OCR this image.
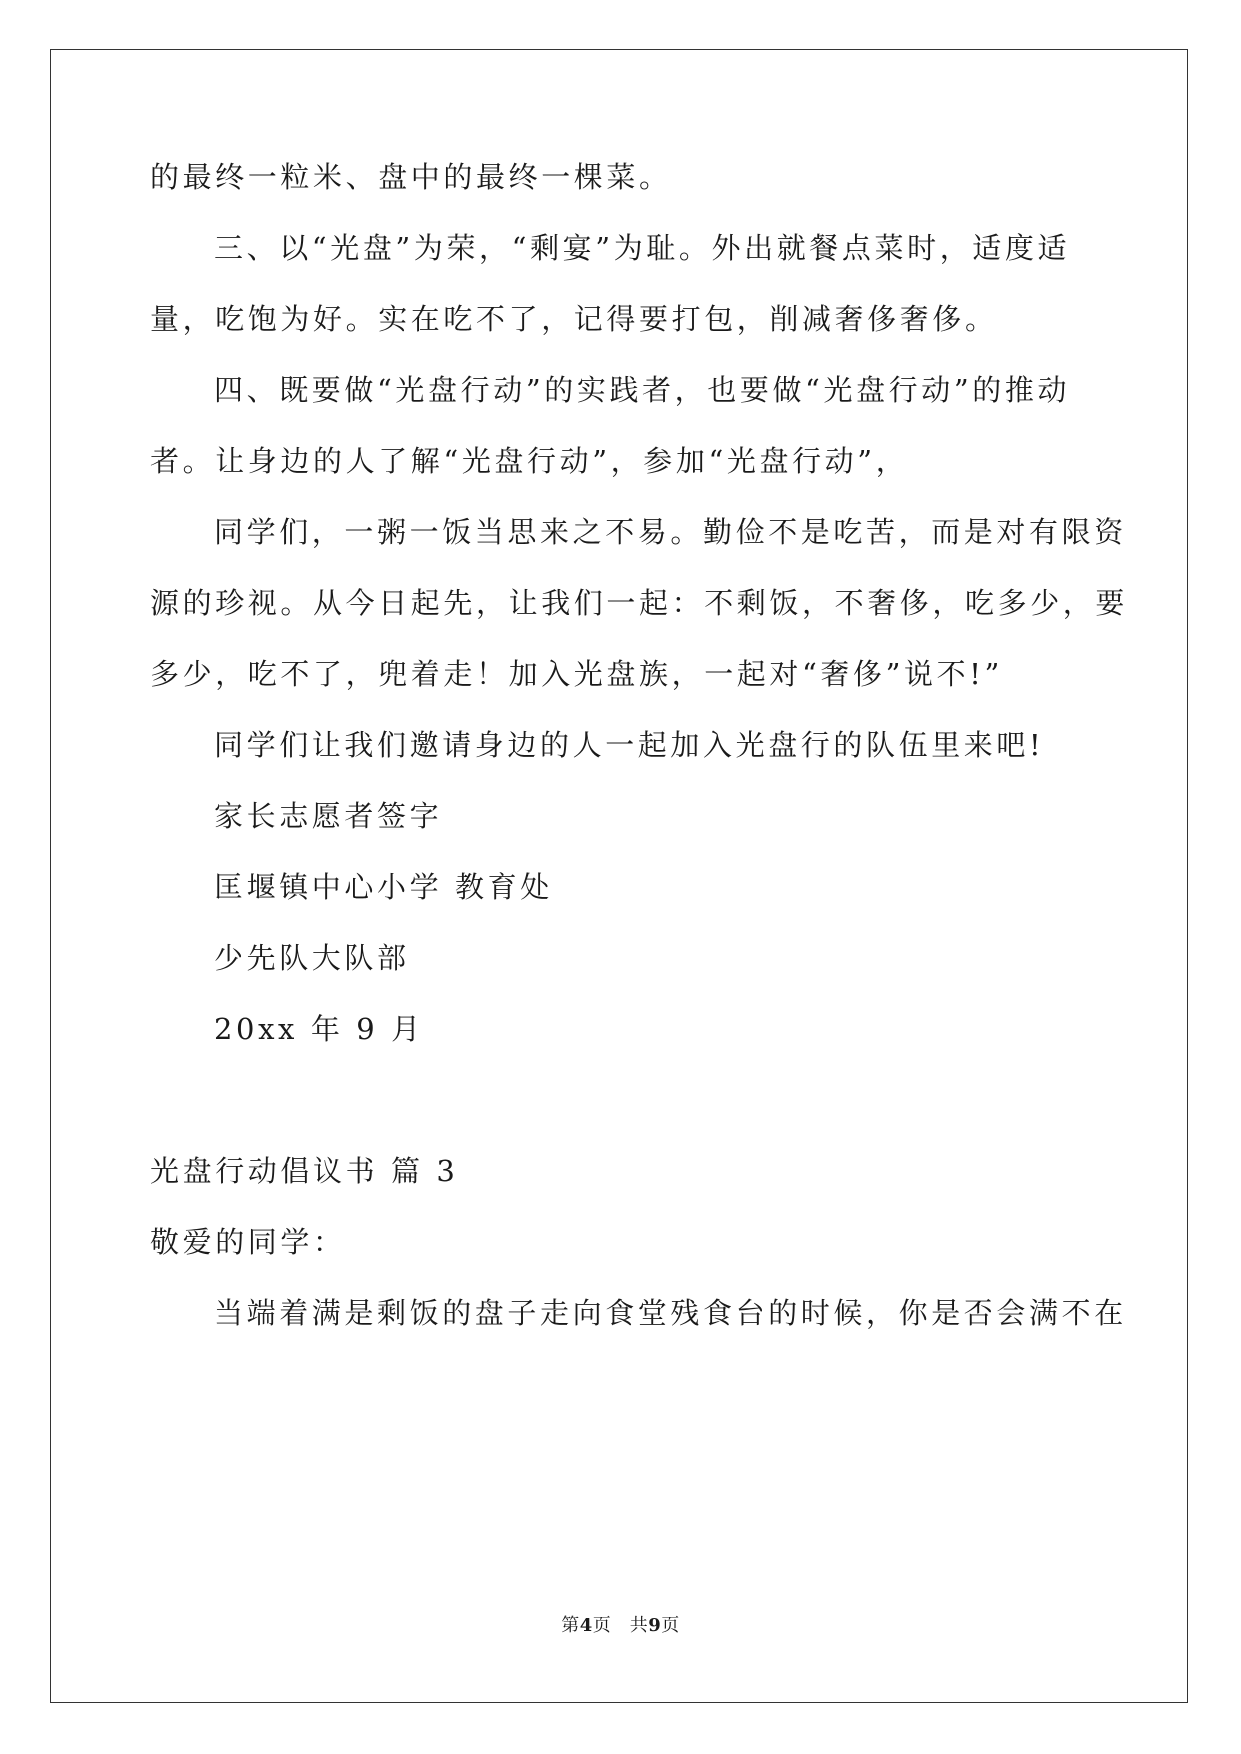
的最终一粒米、盘中的最终一棵菜。
三、以“光盘”为荣，“剩宴”为耻。外出就餐点菜时，适度适
量，吃饱为好。实在吃不了，记得要打包，削减奢侈奢侈。
四、既要做“光盘行动”的实践者，也要做“光盘行动”的推动
者。让身边的人了解“光盘行动”，参加“光盘行动”，
同学们，一粥一饭当思来之不易。勤俭不是吃苦，而是对有限资
源的珍视。从今日起先，让我们一起：不剩饭，不奢侈，吃多少，要
多少，吃不了，兜着走！加入光盘族，一起对“奢侈”说不!”
同学们让我们邀请身边的人一起加入光盘行的队伍里来吧!
家长志愿者签字
匡堰镇中心小学 教育处
少先队大队部
20xx 年 9 月
光盘行动倡议书 篇 3
敬爱的同学：
当端着满是剩饭的盘子走向食堂残食台的时候，你是否会满不在
第4页　共9页
